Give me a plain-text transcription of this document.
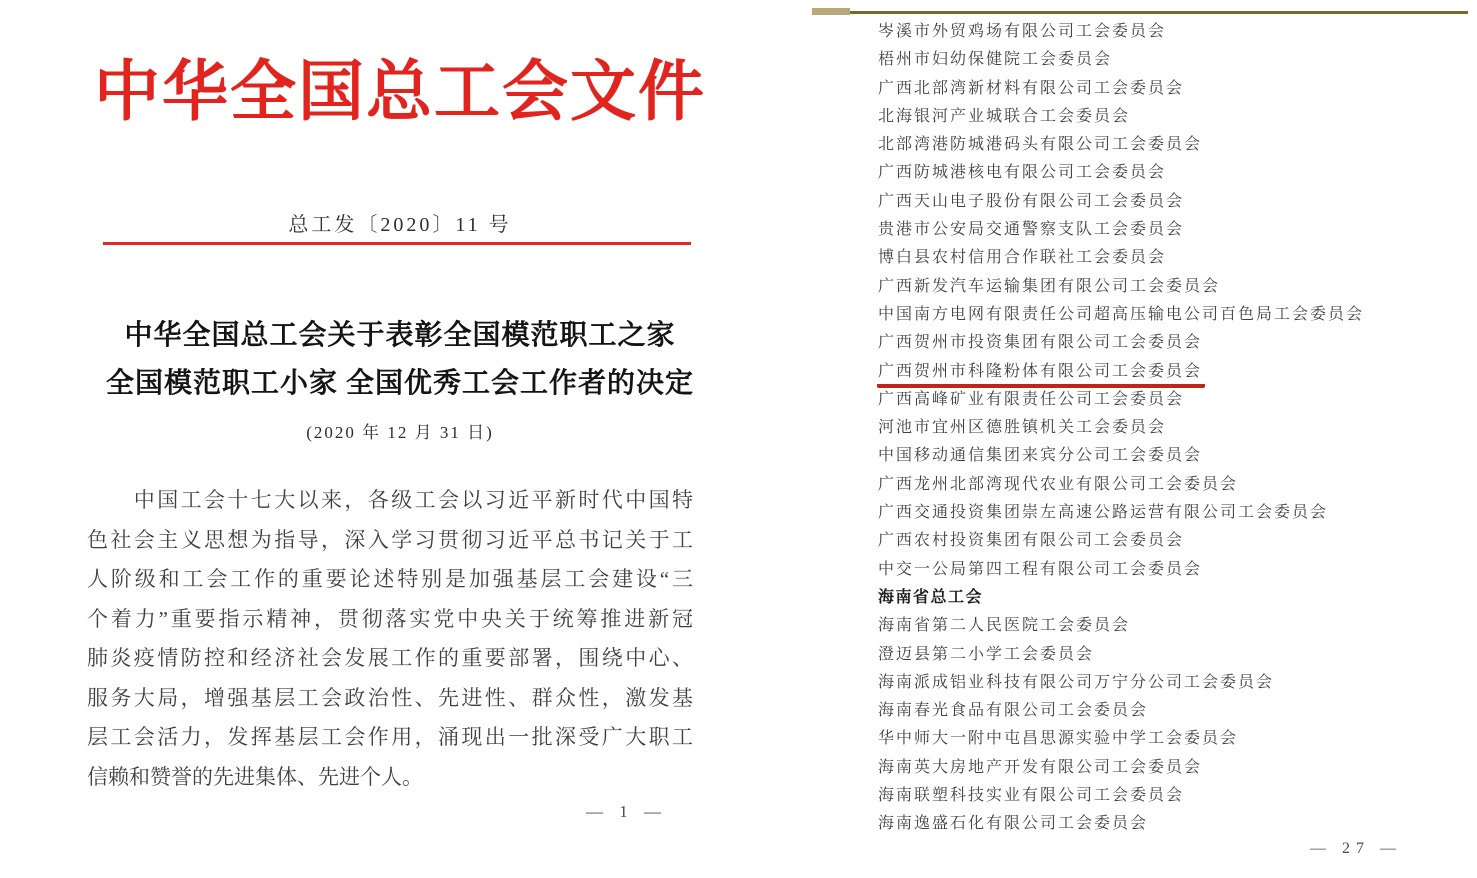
中华全国总工会文件
总工发〔2020〕11 号
中华全国总工会关于表彰全国模范职工之家
全国模范职工小家 全国优秀工会工作者的决定
(2020 年 12 月 31 日)
　　中国工会十七大以来，各级工会以习近平新时代中国特
色社会主义思想为指导，深入学习贯彻习近平总书记关于工
人阶级和工会工作的重要论述特别是加强基层工会建设“三
个着力”重要指示精神，贯彻落实党中央关于统筹推进新冠
肺炎疫情防控和经济社会发展工作的重要部署，围绕中心、
服务大局，增强基层工会政治性、先进性、群众性，激发基
层工会活力，发挥基层工会作用，涌现出一批深受广大职工
信赖和赞誉的先进集体、先进个人。
— 1 —
岑溪市外贸鸡场有限公司工会委员会
梧州市妇幼保健院工会委员会
广西北部湾新材料有限公司工会委员会
北海银河产业城联合工会委员会
北部湾港防城港码头有限公司工会委员会
广西防城港核电有限公司工会委员会
广西天山电子股份有限公司工会委员会
贵港市公安局交通警察支队工会委员会
博白县农村信用合作联社工会委员会
广西新发汽车运输集团有限公司工会委员会
中国南方电网有限责任公司超高压输电公司百色局工会委员会
广西贺州市投资集团有限公司工会委员会
广西贺州市科隆粉体有限公司工会委员会
广西高峰矿业有限责任公司工会委员会
河池市宜州区德胜镇机关工会委员会
中国移动通信集团来宾分公司工会委员会
广西龙州北部湾现代农业有限公司工会委员会
广西交通投资集团崇左高速公路运营有限公司工会委员会
广西农村投资集团有限公司工会委员会
中交一公局第四工程有限公司工会委员会
海南省总工会
海南省第二人民医院工会委员会
澄迈县第二小学工会委员会
海南派成铝业科技有限公司万宁分公司工会委员会
海南春光食品有限公司工会委员会
华中师大一附中屯昌思源实验中学工会委员会
海南英大房地产开发有限公司工会委员会
海南联塑科技实业有限公司工会委员会
海南逸盛石化有限公司工会委员会
— 27 —
